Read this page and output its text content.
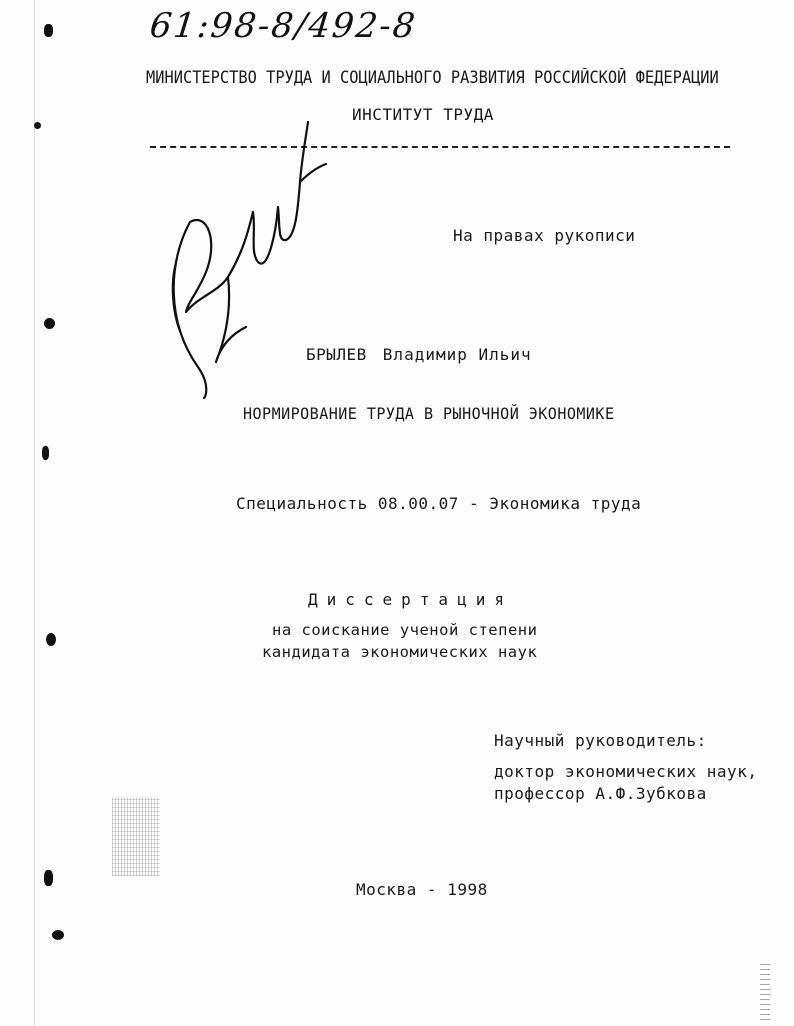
61:98-8/492-8
МИНИСТЕРСТВО ТРУДА И СОЦИАЛЬНОГО РАЗВИТИЯ РОССИЙСКОЙ ФЕДЕРАЦИИ
ИНСТИТУТ ТРУДА
На правах рукописи
БРЫЛЕВ Владимир Ильич
НОРМИРОВАНИЕ ТРУДА В РЫНОЧНОЙ ЭКОНОМИКЕ
Специальность 08.00.07 - Экономика труда
Диссертация
на соискание ученой степени
кандидата экономических наук
Научный руководитель:
доктор экономических наук,
профессор А.Ф.Зубкова
Москва - 1998
